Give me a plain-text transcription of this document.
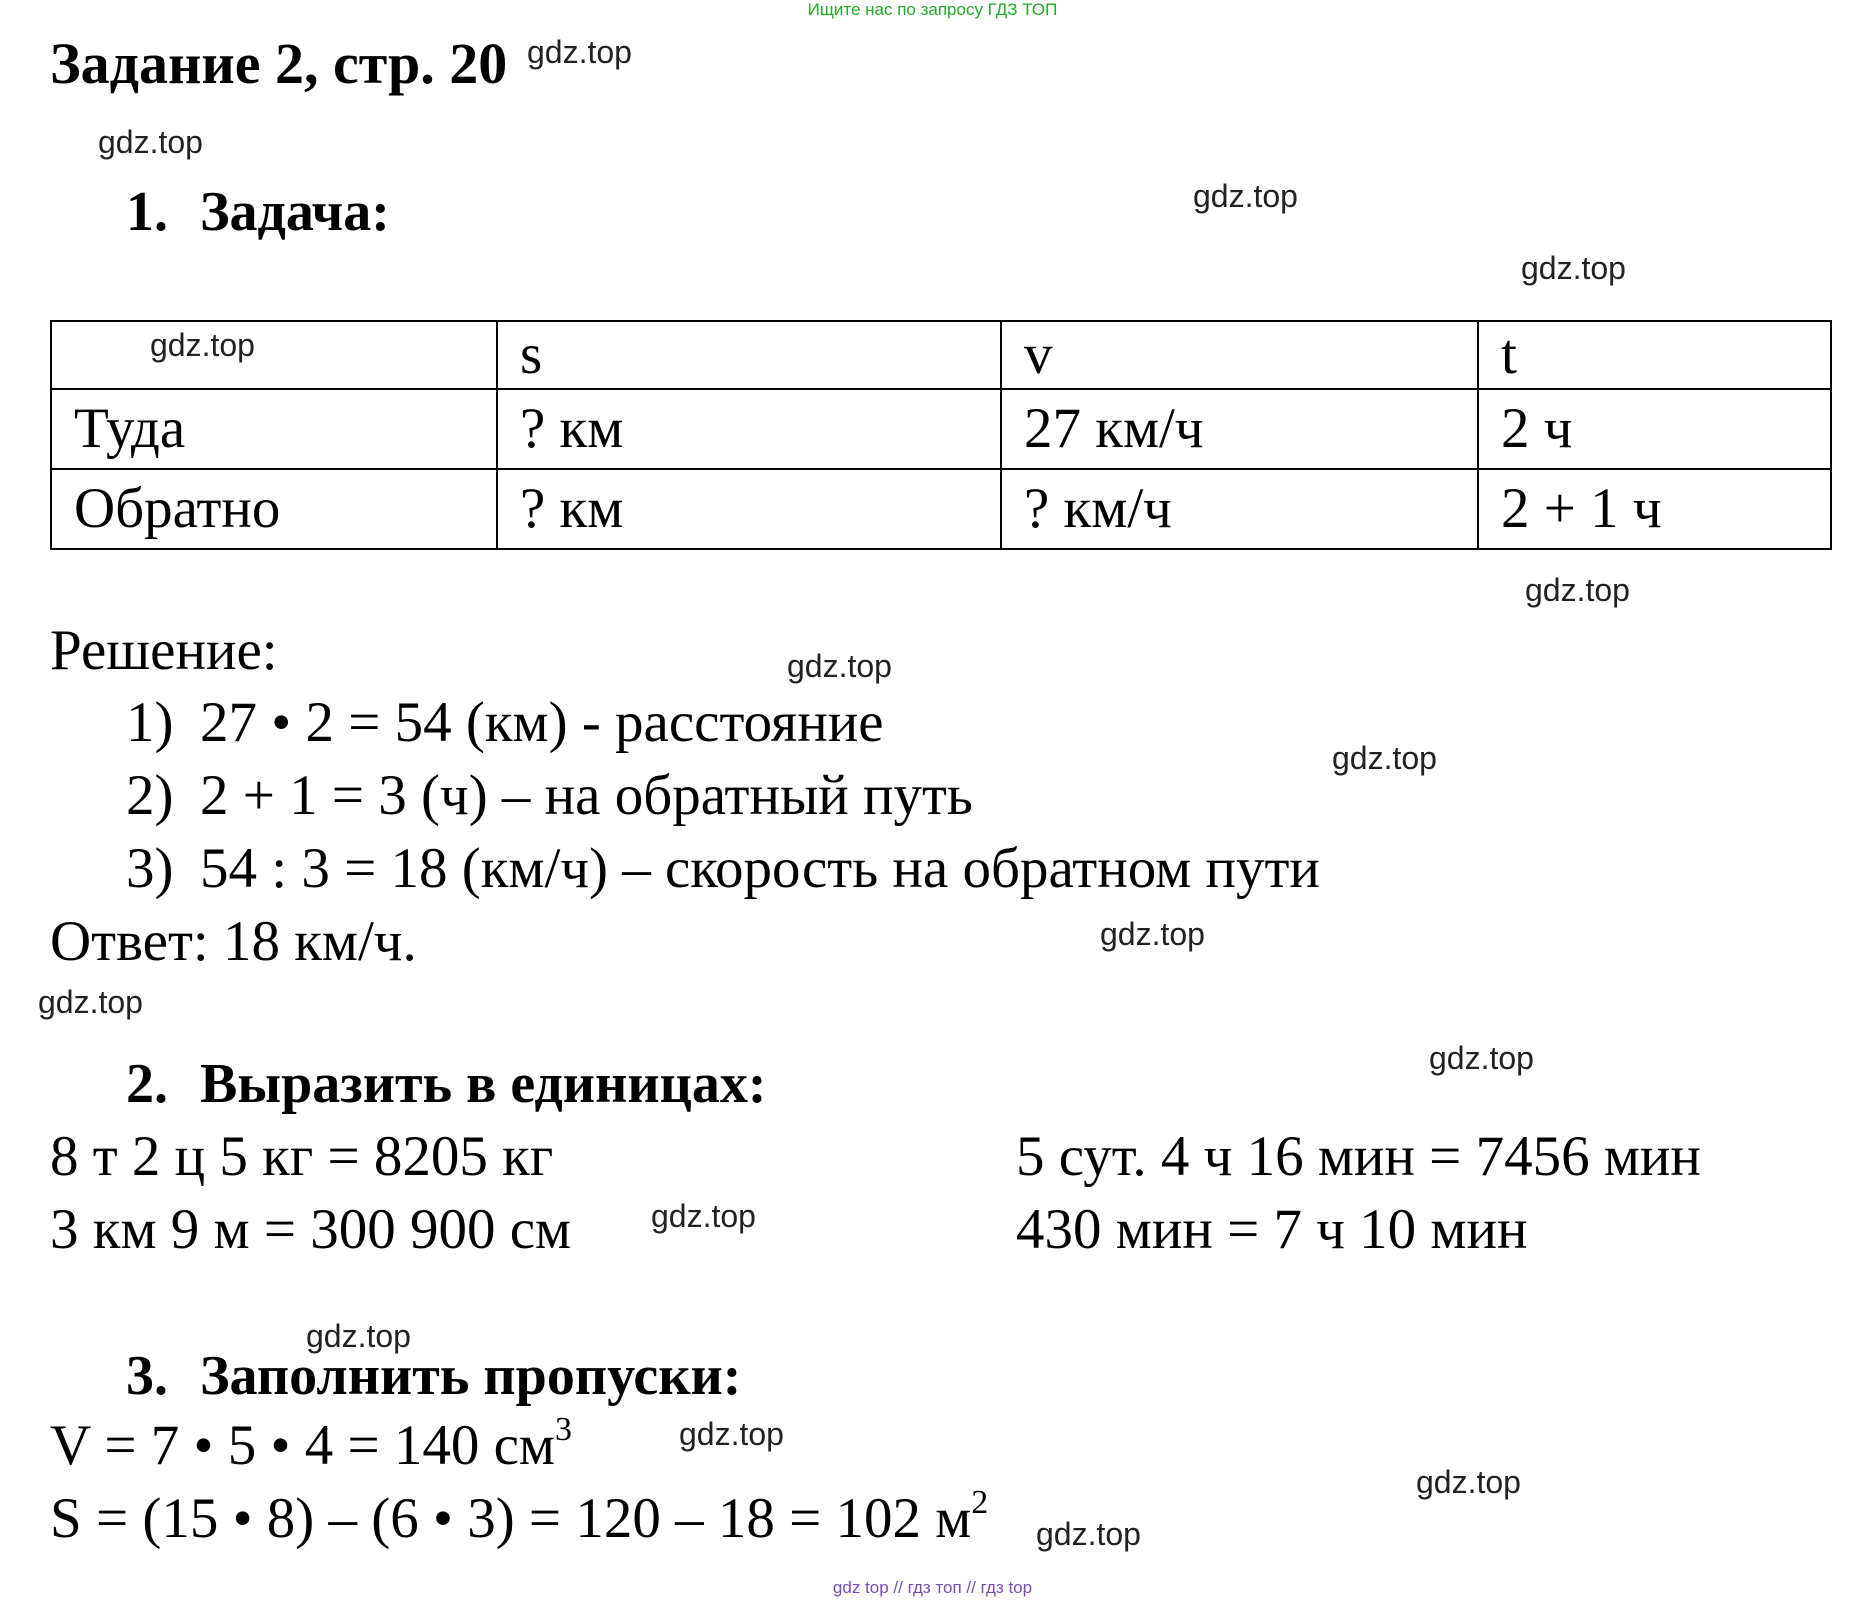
Ищите нас по запросу ГДЗ ТОП
Задание 2, стр. 20
1. Задача:
	s	v	t
Туда	? км	27 км/ч	2 ч
Обратно	? км	? км/ч	2 + 1 ч
Решение:
1) 27 • 2 = 54 (км) - расстояние
2) 2 + 1 = 3 (ч) – на обратный путь
3) 54 : 3 = 18 (км/ч) – скорость на обратном пути
Ответ: 18 км/ч.
2. Выразить в единицах:
8 т 2 ц 5 кг = 8205 кг
3 км 9 м = 300 900 см
5 сут. 4 ч 16 мин = 7456 мин
430 мин = 7 ч 10 мин
3. Заполнить пропуски:
V = 7 • 5 • 4 = 140 $см^3$
S = (15 • 8) – (6 • 3) = 120 – 18 = 102 $м^2$
gdz.top
gdz.top
gdz.top
gdz.top
gdz.top
gdz.top
gdz.top
gdz.top
gdz.top
gdz.top
gdz.top
gdz.top
gdz.top
gdz.top
gdz.top
gdz.top
gdz top // гдз топ // гдз top
